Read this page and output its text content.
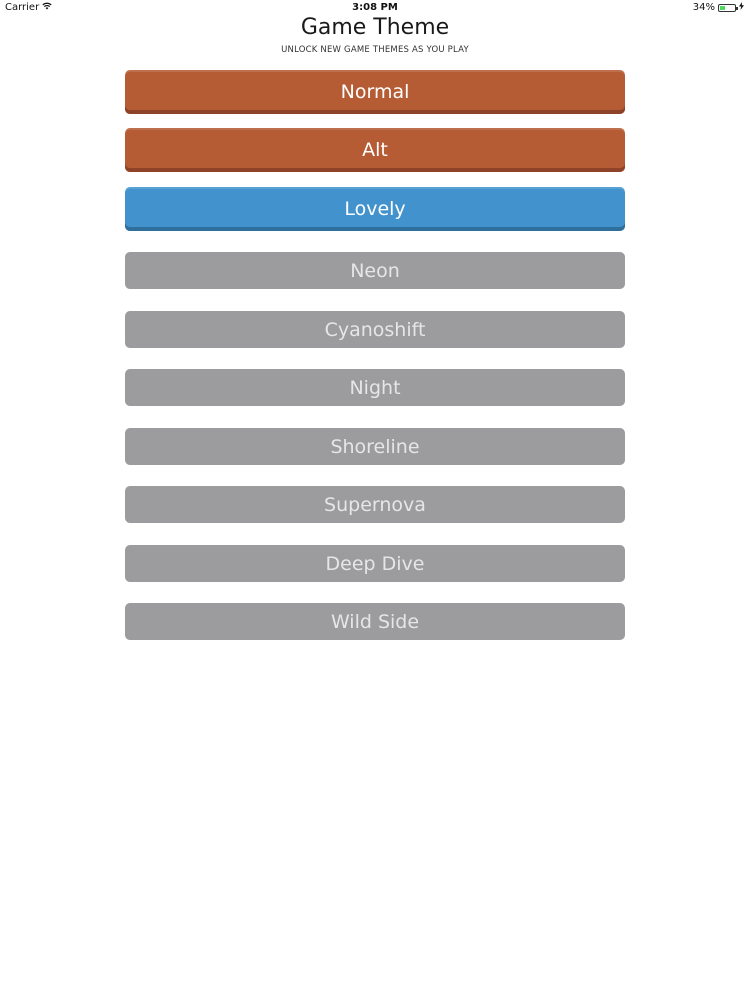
Carrier	3:08 PM	34%
Game Theme
UNLOCK NEW GAME THEMES AS YOU PLAY
Normal
Alt
Lovely
Neon
Cyanoshift
Night
Shoreline
Supernova
Deep Dive
Wild Side
